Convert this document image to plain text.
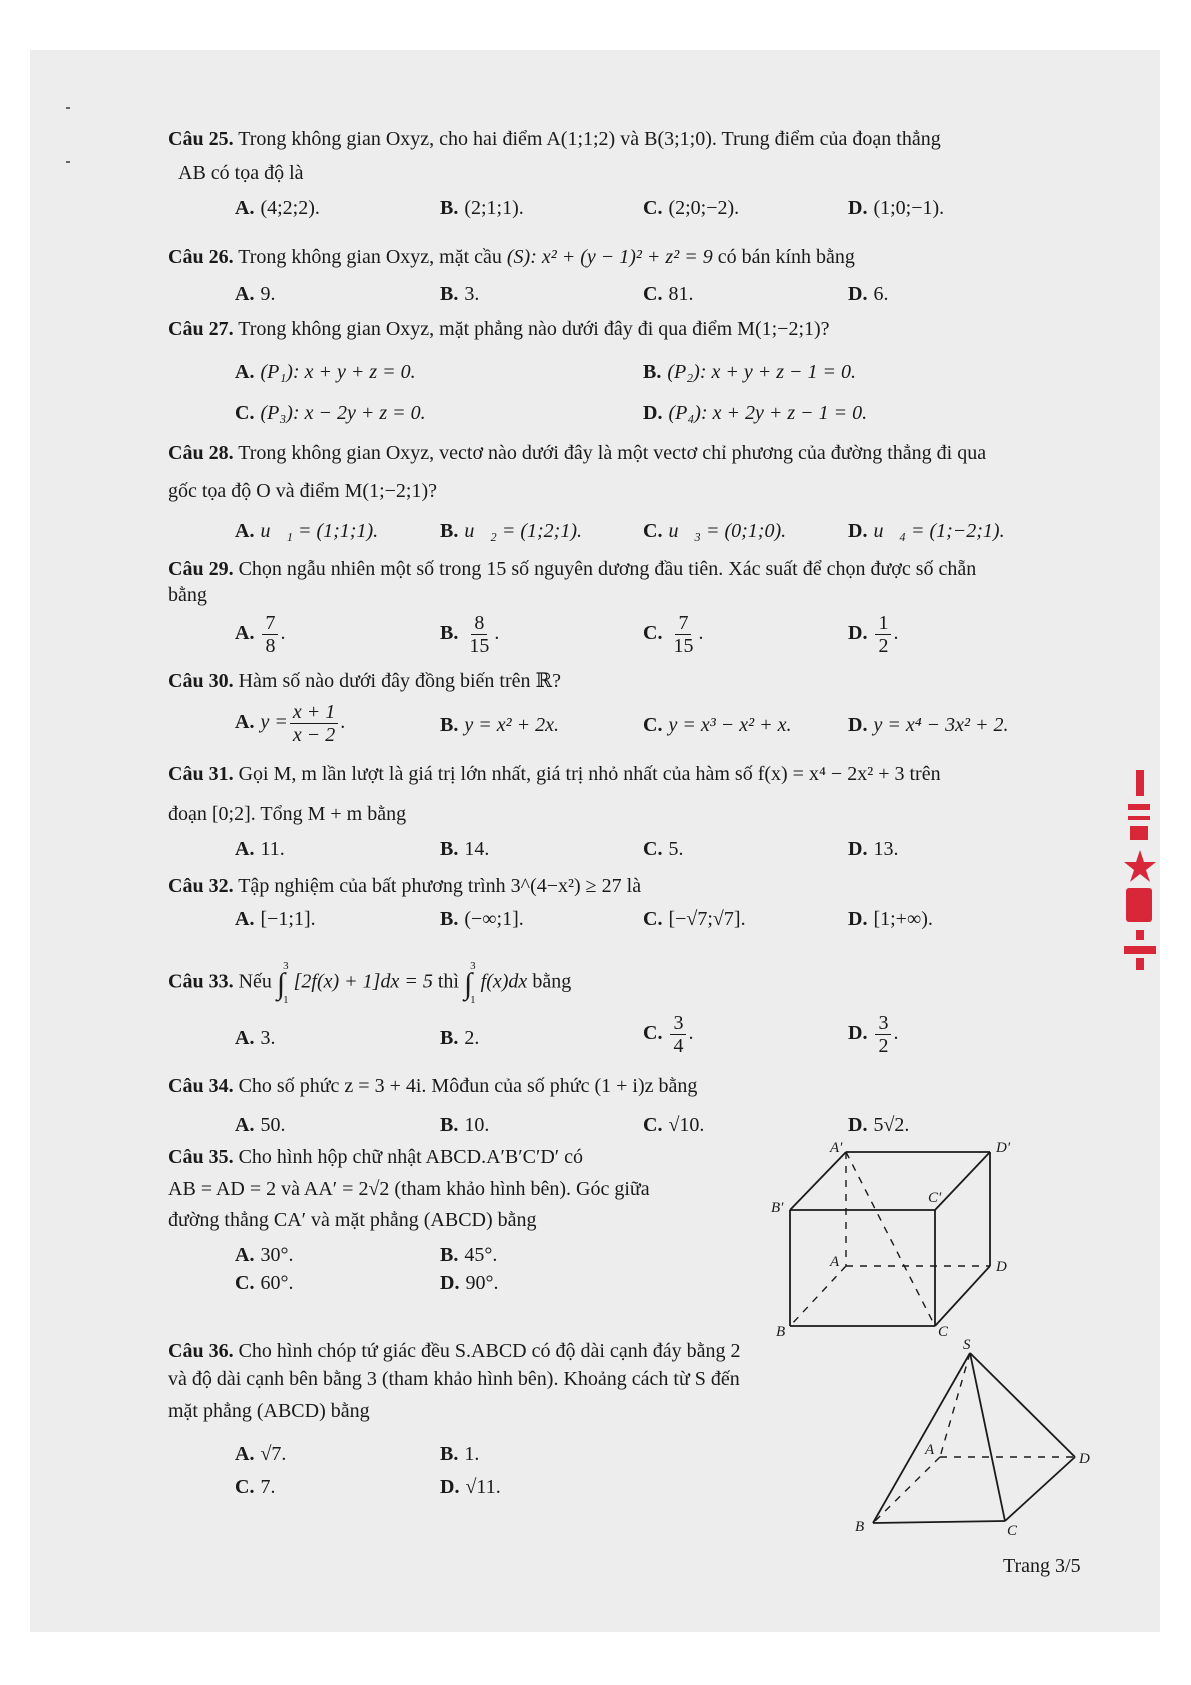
Câu 25. Trong không gian Oxyz, cho hai điểm A(1;1;2) và B(3;1;0). Trung điểm của đoạn thẳng
AB có tọa độ là
A. (4;2;2).	B. (2;1;1).	C. (2;0;−2).	D. (1;0;−1).
Câu 26. Trong không gian Oxyz, mặt cầu (S): x² + (y − 1)² + z² = 9 có bán kính bằng
A. 9.	B. 3.	C. 81.	D. 6.
Câu 27. Trong không gian Oxyz, mặt phẳng nào dưới đây đi qua điểm M(1;−2;1)?
A. (P₁): x + y + z = 0.	B. (P₂): x + y + z − 1 = 0.
C. (P₃): x − 2y + z = 0.	D. (P₄): x + 2y + z − 1 = 0.
Câu 28. Trong không gian Oxyz, vectơ nào dưới đây là một vectơ chỉ phương của đường thẳng đi qua
gốc tọa độ O và điểm M(1;−2;1)?
A. u⃗₁ = (1;1;1).	B. u⃗₂ = (1;2;1).	C. u⃗₃ = (0;1;0).	D. u⃗₄ = (1;−2;1).
Câu 29. Chọn ngẫu nhiên một số trong 15 số nguyên dương đầu tiên. Xác suất để chọn được số chẵn
bằng
A. $\frac{7}{8}$ .	B. $\frac{8}{15}$ .	C. $\frac{7}{15}$ .	D. $\frac{1}{2}$ .
Câu 30. Hàm số nào dưới đây đồng biến trên ℝ?
A. $y = \frac{x + 1}{x - 2}$ .	B. y = x² + 2x.	C. y = x³ − x² + x.	D. y = x⁴ − 3x² + 2.
Câu 31. Gọi M, m lần lượt là giá trị lớn nhất, giá trị nhỏ nhất của hàm số f(x) = x⁴ − 2x² + 3 trên
đoạn [0;2]. Tổng M + m bằng
A. 11.	B. 14.	C. 5.	D. 13.
Câu 32. Tập nghiệm của bất phương trình 3^(4−x²) ≥ 27 là
A. [−1;1].	B. (−∞;1].	C. [−√7;√7].	D. [1;+∞).
Câu 33. Nếu ∫
3
1
[2f(x) + 1]dx = 5 thì ∫
3
1
f(x)dx bằng
A. 3.	B. 2.	C. $\frac{3}{4}$ .	D. $\frac{3}{2}$ .
Câu 34. Cho số phức z = 3 + 4i. Môđun của số phức (1 + i)z bằng
A. 50.	B. 10.	C. √10.	D. 5√2.
Câu 35. Cho hình hộp chữ nhật ABCD.A′B′C′D′ có
AB = AD = 2 và AA′ = 2√2 (tham khảo hình bên). Góc giữa
đường thẳng CA′ và mặt phẳng (ABCD) bằng
A. 30°.	B. 45°.
C. 60°.	D. 90°.
A′	D′
B′
C′
A	D
B	C
Câu 36. Cho hình chóp tứ giác đều S.ABCD có độ dài cạnh đáy bằng 2
và độ dài cạnh bên bằng 3 (tham khảo hình bên). Khoảng cách từ S đến
mặt phẳng (ABCD) bằng
A. √7.	B. 1.
C. 7.	D. √11.
S
A
D
B	C
Trang 3/5
